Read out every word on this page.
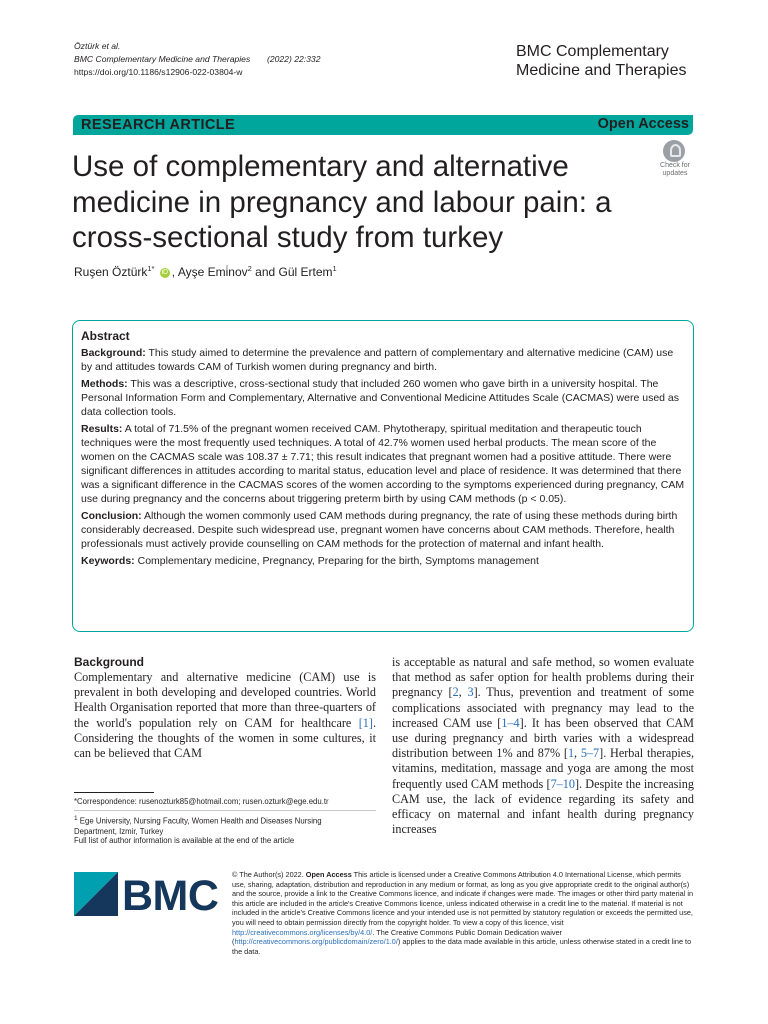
Öztürk et al.
BMC Complementary Medicine and Therapies (2022) 22:332
https://doi.org/10.1186/s12906-022-03804-w
BMC Complementary
Medicine and Therapies
RESEARCH ARTICLE	Open Access
Use of complementary and alternative medicine in pregnancy and labour pain: a cross-sectional study from turkey
Check for
updates
Ruşen Öztürk$^{1*}$ iD , Ayşe Emi̇nov$^2$ and Gül Ertem$^1$
Abstract

Background: This study aimed to determine the prevalence and pattern of complementary and alternative medicine (CAM) use by and attitudes towards CAM of Turkish women during pregnancy and birth.

Methods: This was a descriptive, cross-sectional study that included 260 women who gave birth in a university hospital. The Personal Information Form and Complementary, Alternative and Conventional Medicine Attitudes Scale (CACMAS) were used as data collection tools.

Results: A total of 71.5% of the pregnant women received CAM. Phytotherapy, spiritual meditation and therapeutic touch techniques were the most frequently used techniques. A total of 42.7% women used herbal products. The mean score of the women on the CACMAS scale was 108.37 ± 7.71; this result indicates that pregnant women had a positive attitude. There were significant differences in attitudes according to marital status, education level and place of residence. It was determined that there was a significant difference in the CACMAS scores of the women according to the symptoms experienced during pregnancy, CAM use during pregnancy and the concerns about triggering preterm birth by using CAM methods (p < 0.05).

Conclusion: Although the women commonly used CAM methods during pregnancy, the rate of using these methods during birth considerably decreased. Despite such widespread use, pregnant women have concerns about CAM methods. Therefore, health professionals must actively provide counselling on CAM methods for the protection of maternal and infant health.

Keywords: Complementary medicine, Pregnancy, Preparing for the birth, Symptoms management

Background

Complementary and alternative medicine (CAM) use is prevalent in both developing and developed countries. World Health Organisation reported that more than three-quarters of the world's population rely on CAM for healthcare [1]. Considering the thoughts of the women in some cultures, it can be believed that CAM

is acceptable as natural and safe method, so women evaluate that method as safer option for health problems during their pregnancy [2, 3]. Thus, prevention and treatment of some complications associated with pregnancy may lead to the increased CAM use [1–4]. It has been observed that CAM use during pregnancy and birth varies with a widespread distribution between 1% and 87% [1, 5–7]. Herbal therapies, vitamins, meditation, massage and yoga are among the most frequently used CAM methods [7–10]. Despite the increasing CAM use, the lack of evidence regarding its safety and efficacy on maternal and infant health during pregnancy increases

*Correspondence: rusenozturk85@hotmail.com; rusen.ozturk@ege.edu.tr
$^1$ Ege University, Nursing Faculty, Women Health and Diseases Nursing Department, Izmir, Turkey
Full list of author information is available at the end of the article
BMC © The Author(s) 2022. Open Access This article is licensed under a Creative Commons Attribution 4.0 International License, which permits use, sharing, adaptation, distribution and reproduction in any medium or format, as long as you give appropriate credit to the original author(s) and the source, provide a link to the Creative Commons licence, and indicate if changes were made. The images or other third party material in this article are included in the article's Creative Commons licence, unless indicated otherwise in a credit line to the material. If material is not included in the article's Creative Commons licence and your intended use is not permitted by statutory regulation or exceeds the permitted use, you will need to obtain permission directly from the copyright holder. To view a copy of this licence, visit http://creativecommons.org/licenses/by/4.0/. The Creative Commons Public Domain Dedication waiver (http://creativecommons.org/publicdomain/zero/1.0/) applies to the data made available in this article, unless otherwise stated in a credit line to the data.
